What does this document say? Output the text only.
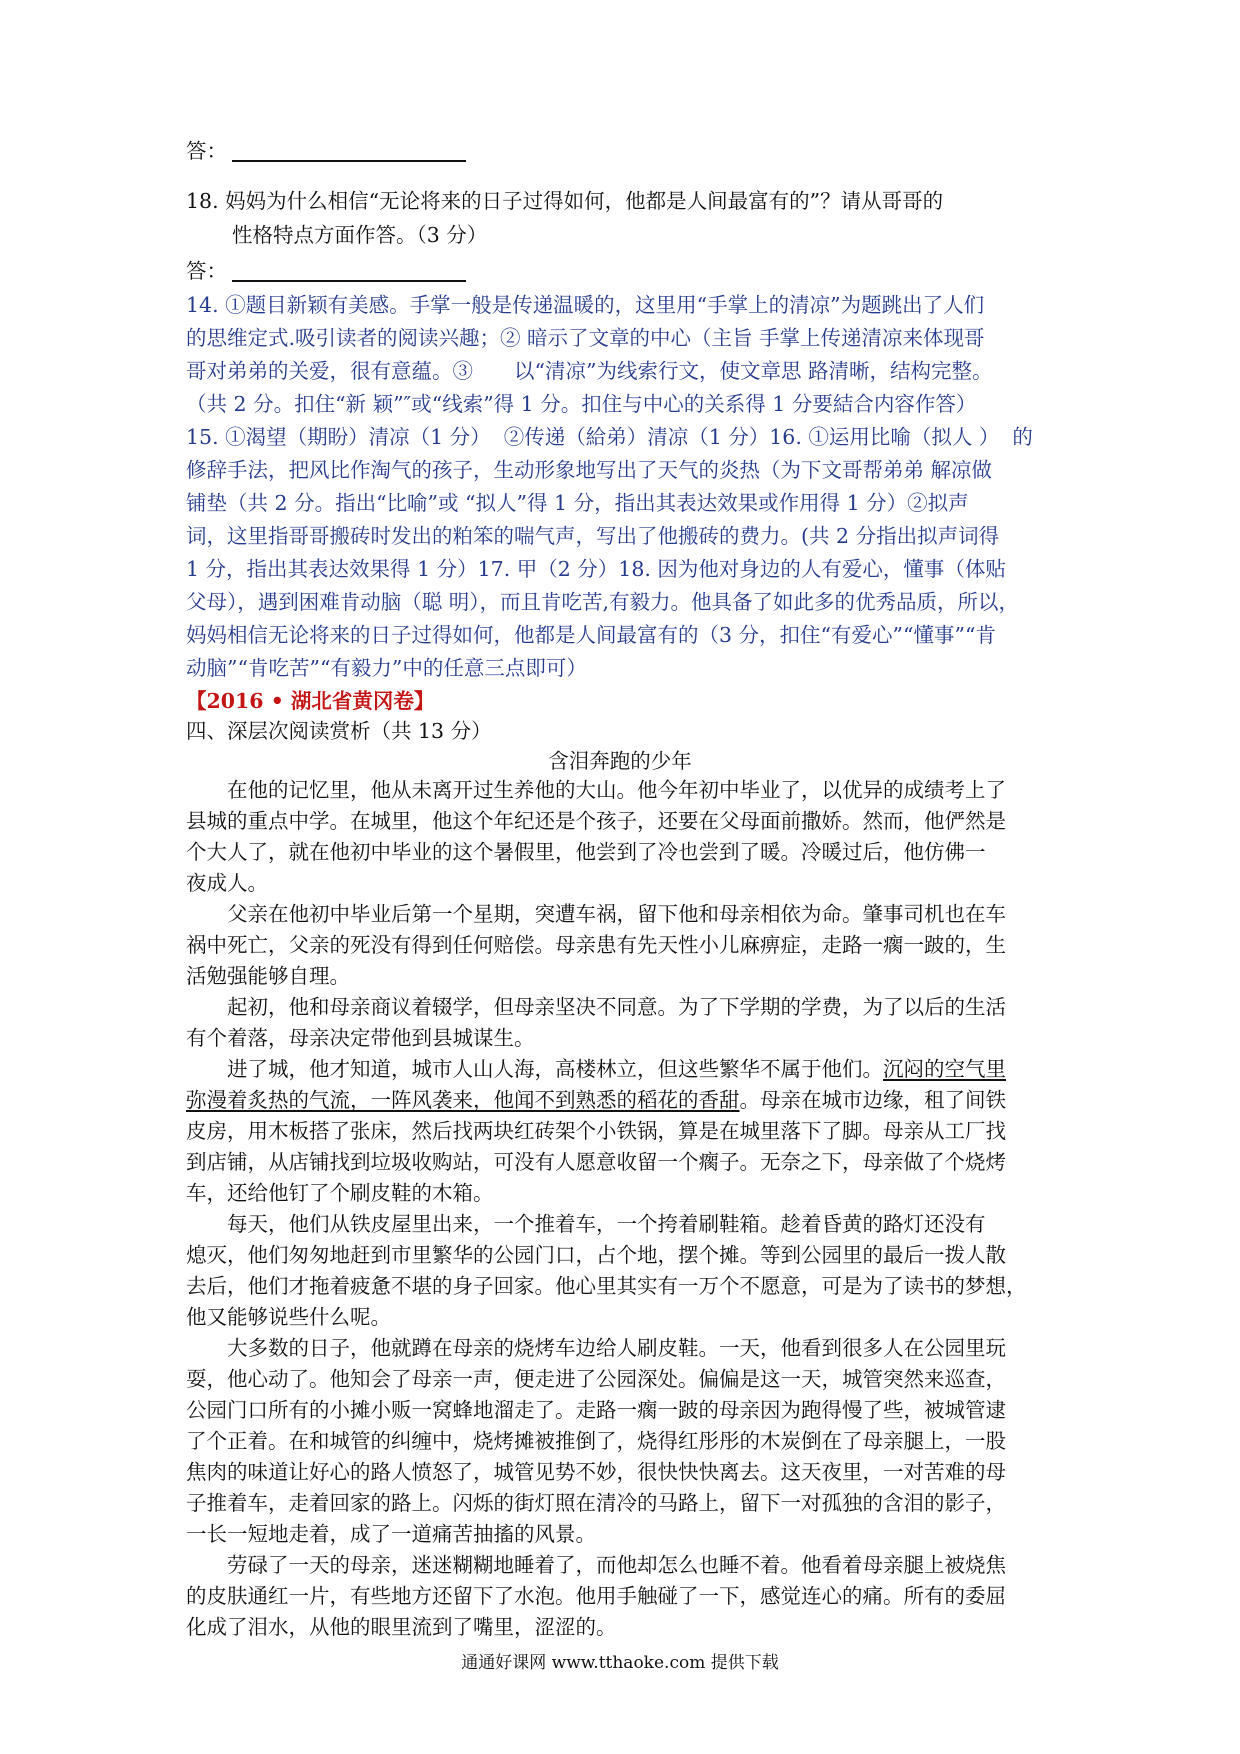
答：
18. 妈妈为什么相信“无论将来的日子过得如何，他都是人间最富有的”？请从哥哥的
性格特点方面作答。（3 分）
答：
14. ①题目新颖有美感。手掌一般是传递温暖的，这里用“手掌上的清凉”为题跳出了人们
的思维定式.吸引读者的阅读兴趣；② 暗示了文章的中心（主旨 手掌上传递清凉来体现哥
哥对弟弟的关爱，很有意蕴。③　　以“清凉”为线索行文，使文章思 路清晰，结构完整。
（共 2 分。扣住“新 颖”″或“线索”得 1 分。扣住与中心的关系得 1 分要結合内容作答）
15. ①渴望（期盼）清凉（1 分）  ②传递（給弟）清凉（1 分）16. ①运用比喻（拟人 ）  的
修辞手法，把风比作淘气的孩子，生动形象地写出了天气的炎热（为下文哥帮弟弟 解凉做
铺垫（共 2 分。指出“比喻”或 “拟人”得 1 分，指出其表达效果或作用得 1 分）②拟声
词，这里指哥哥搬砖时发出的粕笨的喘气声，写出了他搬砖的费力。(共 2 分指出拟声词得
1 分，指出其表达效果得 1 分）17. 甲（2 分）18. 因为他对身边的人有爱心，懂事（体贴
父母），遇到困难肯动脑（聪 明），而且肯吃苦,有毅力。他具备了如此多的优秀品质，所以，
妈妈相信无论将来的日子过得如何，他都是人间最富有的（3 分，扣住“有爱心”“懂事”“肯
动脑”“肯吃苦”“有毅力”中的任意三点即可）
【2016 • 湖北省黄冈卷】
四、深层次阅读赏析（共 13 分）
含泪奔跑的少年
　　在他的记忆里，他从未离开过生养他的大山。他今年初中毕业了，以优异的成绩考上了
县城的重点中学。在城里，他这个年纪还是个孩子，还要在父母面前撒娇。然而，他俨然是
个大人了，就在他初中毕业的这个暑假里，他尝到了冷也尝到了暖。冷暖过后，他仿佛一
夜成人。
　　父亲在他初中毕业后第一个星期，突遭车祸，留下他和母亲相依为命。肇事司机也在车
祸中死亡，父亲的死没有得到任何赔偿。母亲患有先天性小儿麻痹症，走路一瘸一跛的，生
活勉强能够自理。
　　起初，他和母亲商议着辍学，但母亲坚决不同意。为了下学期的学费，为了以后的生活
有个着落，母亲决定带他到县城谋生。
　　进了城，他才知道，城市人山人海，高楼林立，但这些繁华不属于他们。沉闷的空气里
弥漫着炙热的气流，一阵风袭来，他闻不到熟悉的稻花的香甜。母亲在城市边缘，租了间铁
皮房，用木板搭了张床，然后找两块红砖架个小铁锅，算是在城里落下了脚。母亲从工厂找
到店铺，从店铺找到垃圾收购站，可没有人愿意收留一个瘸子。无奈之下，母亲做了个烧烤
车，还给他钉了个刷皮鞋的木箱。
　　每天，他们从铁皮屋里出来，一个推着车，一个挎着刷鞋箱。趁着昏黄的路灯还没有
熄灭，他们匆匆地赶到市里繁华的公园门口，占个地，摆个摊。等到公园里的最后一拨人散
去后，他们才拖着疲惫不堪的身子回家。他心里其实有一万个不愿意，可是为了读书的梦想，
他又能够说些什么呢。
　　大多数的日子，他就蹲在母亲的烧烤车边给人刷皮鞋。一天，他看到很多人在公园里玩
耍，他心动了。他知会了母亲一声，便走进了公园深处。偏偏是这一天，城管突然来巡查，
公园门口所有的小摊小贩一窝蜂地溜走了。走路一瘸一跛的母亲因为跑得慢了些，被城管逮
了个正着。在和城管的纠缠中，烧烤摊被推倒了，烧得红彤彤的木炭倒在了母亲腿上，一股
焦肉的味道让好心的路人愤怒了，城管见势不妙，很快快快离去。这天夜里，一对苦难的母
子推着车，走着回家的路上。闪烁的街灯照在清冷的马路上，留下一对孤独的含泪的影子，
一长一短地走着，成了一道痛苦抽搐的风景。
　　劳碌了一天的母亲，迷迷糊糊地睡着了，而他却怎么也睡不着。他看着母亲腿上被烧焦
的皮肤通红一片，有些地方还留下了水泡。他用手触碰了一下，感觉连心的痛。所有的委屈
化成了泪水，从他的眼里流到了嘴里，涩涩的。
通通好课网 www.tthaoke.com 提供下载
